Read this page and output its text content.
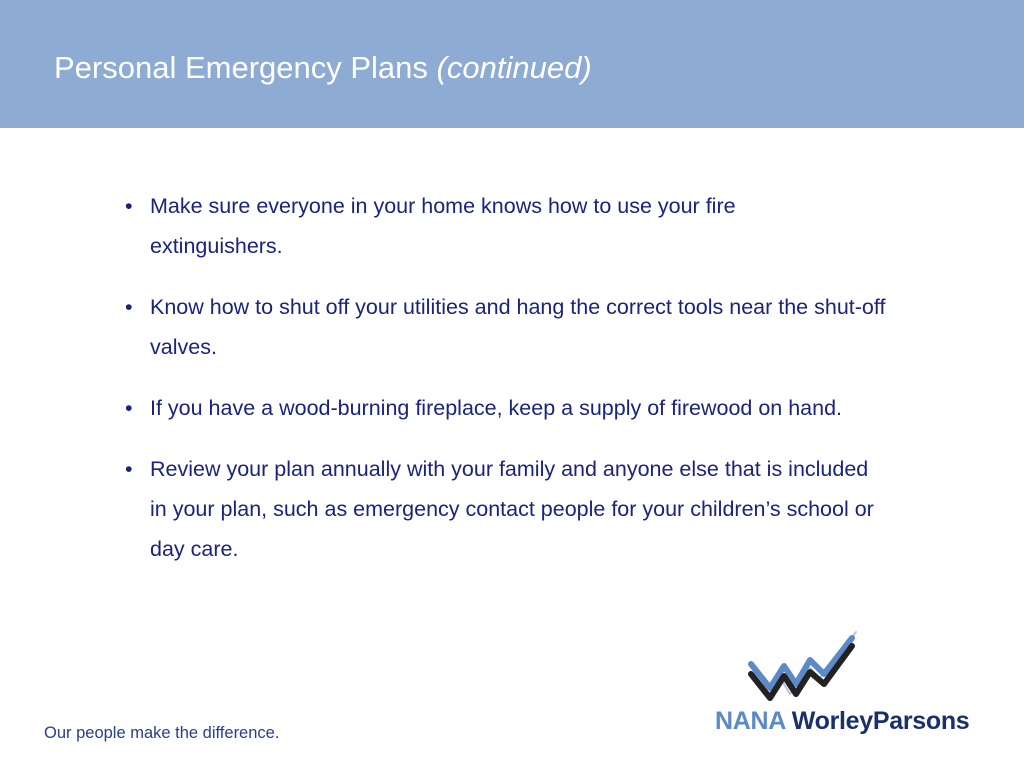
Personal Emergency Plans (continued)
• Make sure everyone in your home knows how to use your fire extinguishers.
• Know how to shut off your utilities and hang the correct tools near the shut-off valves.
• If you have a wood-burning fireplace, keep a supply of firewood on hand.
• Review your plan annually with your family and anyone else that is included in your plan, such as emergency contact people for your children’s school or day care.
Our people make the difference.	NANA WorleyParsons
